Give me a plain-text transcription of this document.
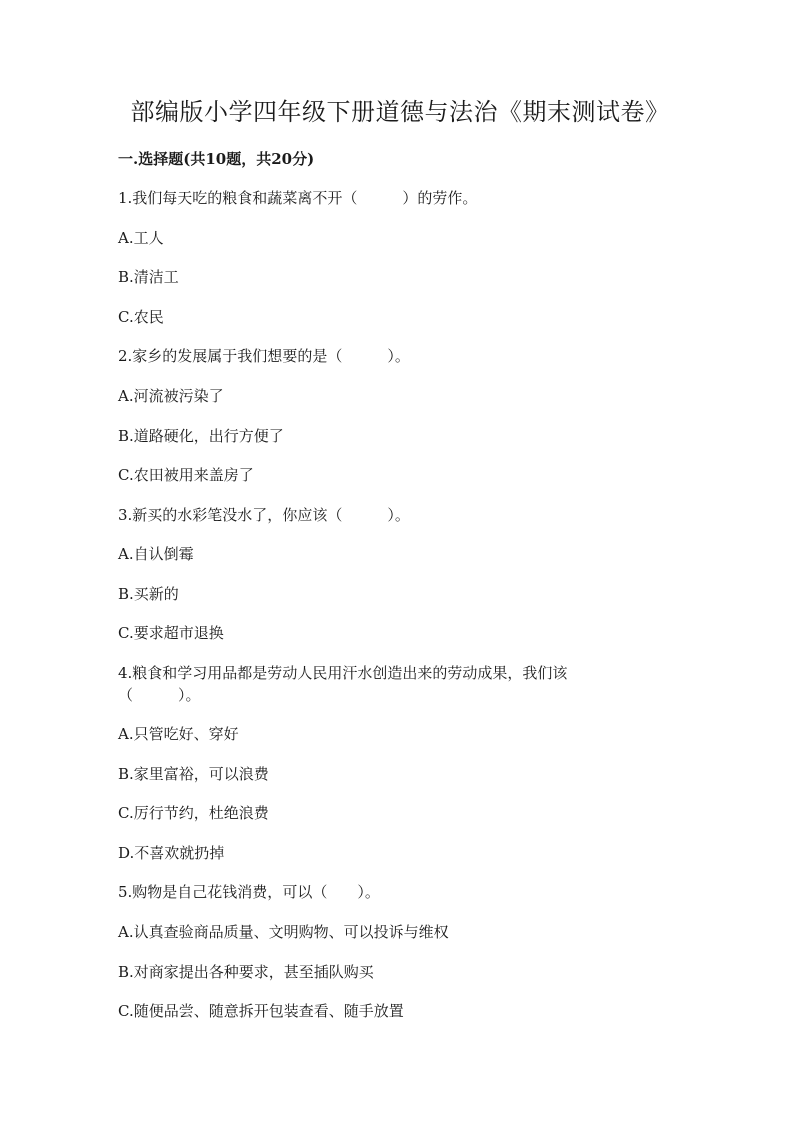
部编版小学四年级下册道德与法治《期末测试卷》
一.选择题(共10题，共20分)
1.我们每天吃的粮食和蔬菜离不开（　　　）的劳作。
A.工人
B.清洁工
C.农民
2.家乡的发展属于我们想要的是（　　　）。
A.河流被污染了
B.道路硬化，出行方便了
C.农田被用来盖房了
3.新买的水彩笔没水了，你应该（　　　）。
A.自认倒霉
B.买新的
C.要求超市退换
4.粮食和学习用品都是劳动人民用汗水创造出来的劳动成果，我们该
（　　　）。
A.只管吃好、穿好
B.家里富裕，可以浪费
C.厉行节约，杜绝浪费
D.不喜欢就扔掉
5.购物是自己花钱消费，可以（　　）。
A.认真查验商品质量、文明购物、可以投诉与维权
B.对商家提出各种要求，甚至插队购买
C.随便品尝、随意拆开包装查看、随手放置
